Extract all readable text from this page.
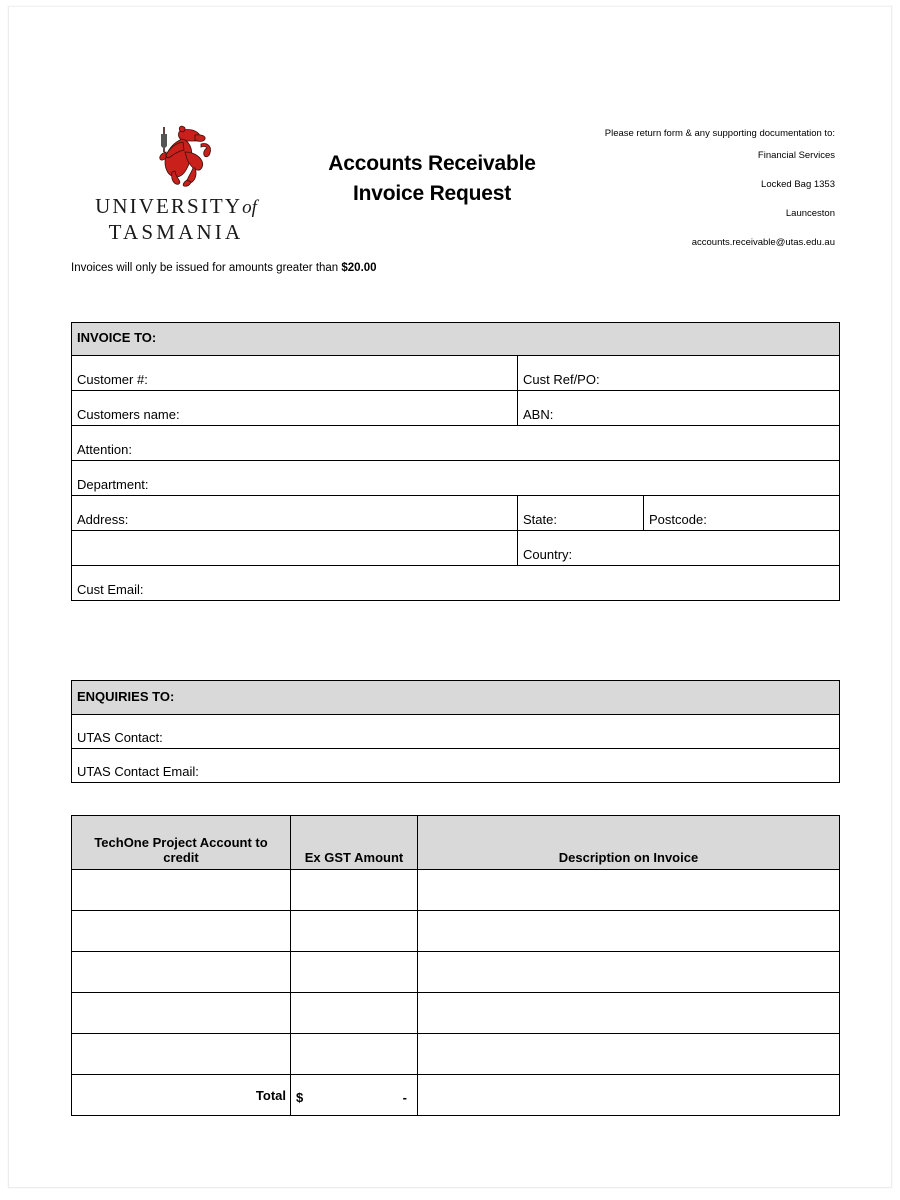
UNIVERSITYof
TASMANIA
Accounts Receivable
Invoice Request
Please return form & any supporting documentation to:
Financial Services
Locked Bag 1353
Launceston
accounts.receivable@utas.edu.au
Invoices will only be issued for amounts greater than $20.00
INVOICE TO:		
Customer #:	Cust Ref/PO:	
Customers name:	ABN:	
Attention:		
Department:		
Address:	State:	Postcode:
	Country:	
Cust Email:		
ENQUIRIES TO:
UTAS Contact:
UTAS Contact Email:
TechOne Project Account to
credit	Ex GST Amount	Description on Invoice

Total	$ -	
